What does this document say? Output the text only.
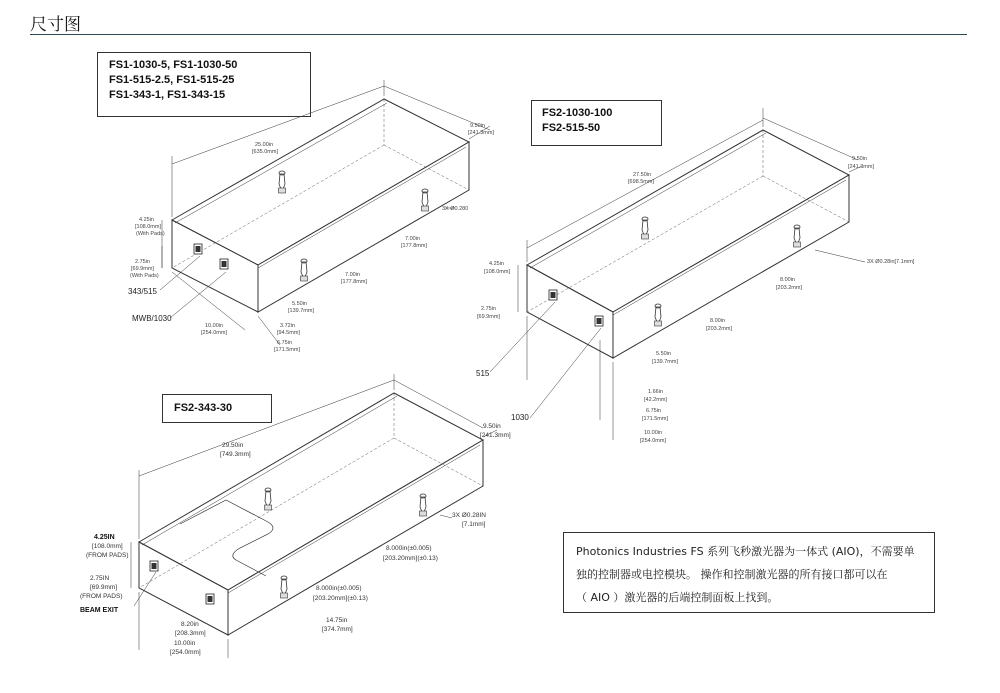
尺寸图
FS1-1030-5, FS1-1030-50
FS1-515-2.5, FS1-515-25
FS1-343-1, FS1-343-15
FS2-1030-100
FS2-515-50
FS2-343-30
25.00in
[635.0mm]
9.50in
[241.3mm]
4.25in
[108.0mm]
(With Pads)
2.75in
[69.9mm]
(With Pads)
3X Ø0.280
7.00in
[177.8mm]
7.00in
[177.8mm]
5.50in
[139.7mm]
3.72in
[94.5mm]
6.75in
[171.5mm]
10.00in
[254.0mm]
343/515
MWB/1030
27.50in
[698.5mm]
9.50in
[241.3mm]
4.25in
[108.0mm]
2.75in
[69.9mm]
3X Ø0.28in[7.1mm]
8.00in
[203.2mm]
8.00in
[203.2mm]
5.50in
[139.7mm]
1.66in
[42.2mm]
6.75in
[171.5mm]
10.00in
[254.0mm]
515
1030
29.50in
[749.3mm]
9.50in
[241.3mm]
4.25IN
[108.0mm]
(FROM PADS)
2.75IN
[69.9mm]
(FROM PADS)
BEAM EXIT
3X Ø0.28IN
[7.1mm]
8.000in(±0.005)
[203.20mm](±0.13)
8.000in(±0.005)
[203.20mm](±0.13)
14.75in
[374.7mm]
8.20in
[208.3mm]
10.00in
[254.0mm]
Photonics Industries FS 系列飞秒激光器为一体式 (AIO)，不需要单
独的控制器或电控模块。 操作和控制激光器的所有接口都可以在
（ AIO ）激光器的后端控制面板上找到。
